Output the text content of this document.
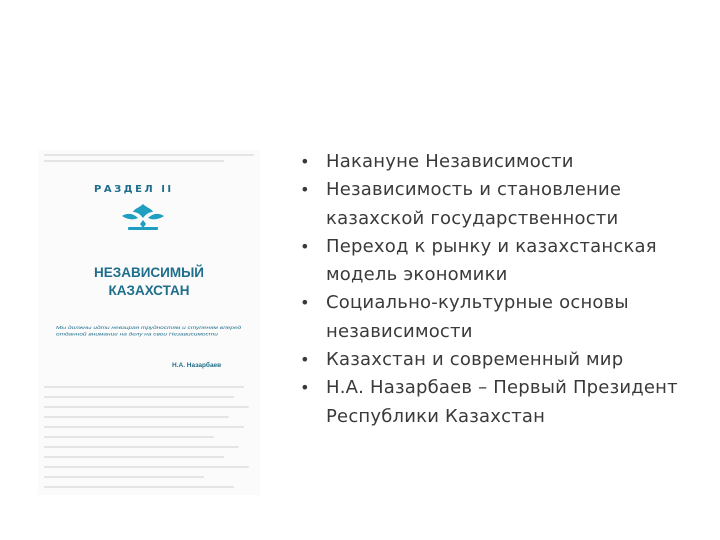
РАЗДЕЛ II
НЕЗАВИСИМЫЙ
КАЗАХСТАН
Мы должны идти невзирая трудностям и ступеням вперед отданной внимание на делу на свои Независимости
Н.А. Назарбаев
• Накануне Независимости
• Независимость и становление
казахской государственности
• Переход к рынку и казахстанская
модель экономики
• Социально-культурные основы
независимости
• Казахстан и современный мир
• Н.А. Назарбаев – Первый Президент
Республики Казахстан
